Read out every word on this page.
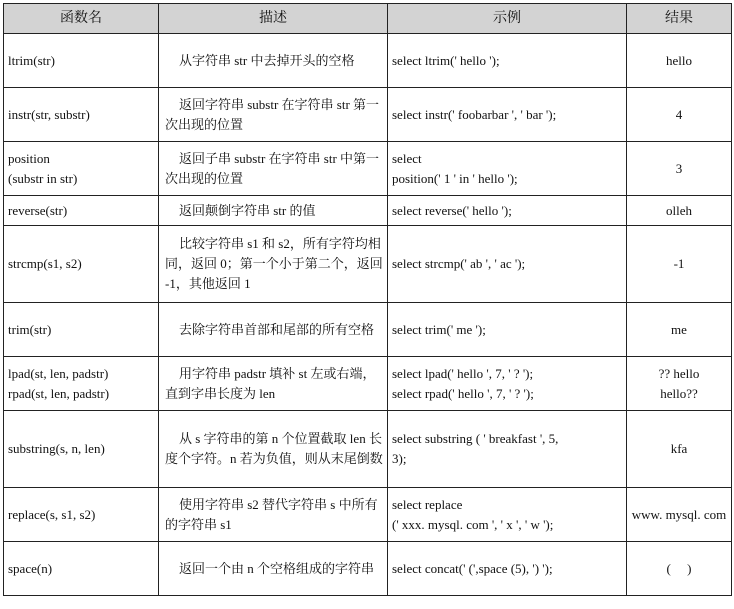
函数名	描述	示例	结果

ltrim(str)	从字符串 str 中去掉开头的空格	select ltrim(' hello ');	hello

instr(str, substr)	返回字符串 substr 在字符串 str 第一次出现的位置	select instr(' foobarbar ', ' bar ');	4

position
(substr in str)	返回子串 substr 在字符串 str 中第一次出现的位置	select
position(' 1 ' in ' hello ');	3

reverse(str)	返回颠倒字符串 str 的值	select reverse(' hello ');	olleh

strcmp(s1, s2)	比较字符串 s1 和 s2，所有字符均相同，返回 0；第一个小于第二个，返回 -1，其他返回 1	select strcmp(' ab ', ' ac ');	-1

trim(str)	去除字符串首部和尾部的所有空格	select trim(' me ');	me

lpad(st, len, padstr)
rpad(st, len, padstr)	用字符串 padstr 填补 st 左或右端，直到字串长度为 len	select lpad(' hello ', 7, ' ? ');
select rpad(' hello ', 7, ' ? ');	?? hello
hello??

substring(s, n, len)	从 s 字符串的第 n 个位置截取 len 长度个字符。n 若为负值，则从末尾倒数	select substring ( ' breakfast ', 5,
3);	kfa

replace(s, s1, s2)	使用字符串 s2 替代字符串 s 中所有的字符串 s1	select replace
(' xxx. mysql. com ', ' x ', ' w ');	www. mysql. com

space(n)	返回一个由 n 个空格组成的字符串	select concat(' (',space (5), ') ');	(     )
